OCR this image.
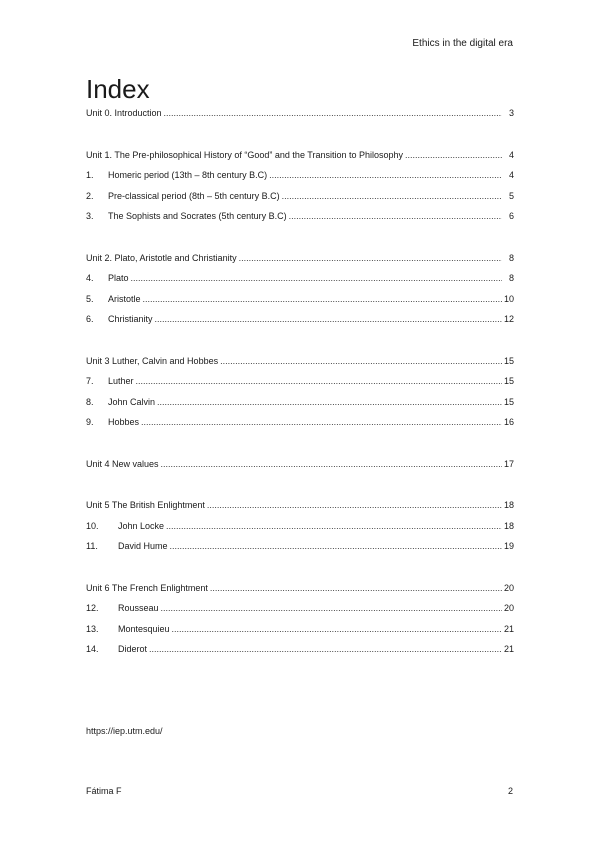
Ethics in the digital era
Index
Unit 0. Introduction .....	3
Unit 1. The Pre-philosophical History of “Good” and the Transition to Philosophy .....	4
1.	Homeric period (13th – 8th century B.C) .....	4
2.	Pre-classical period (8th – 5th century B.C) .....	5
3.	The Sophists and Socrates (5th century B.C) .....	6
Unit 2. Plato, Aristotle and Christianity .....	8
4.	Plato .....	8
5.	Aristotle .....	10
6.	Christianity .....	12
Unit 3 Luther, Calvin and Hobbes .....	15
7.	Luther .....	15
8.	John Calvin .....	15
9.	Hobbes .....	16
Unit 4 New values .....	17
Unit 5 The British Enlightment .....	18
10.	John Locke .....	18
11.	David Hume .....	19
Unit 6 The French Enlightment .....	20
12.	Rousseau .....	20
13.	Montesquieu .....	21
14.	Diderot .....	21
https://iep.utm.edu/
Fátima F	2
